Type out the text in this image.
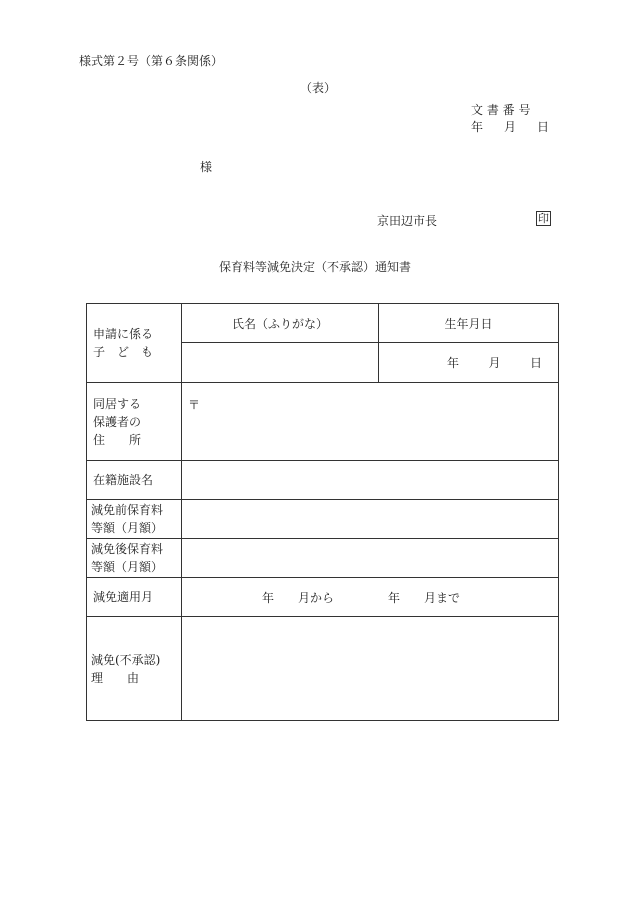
様式第２号（第６条関係）
（表）
文 書 番 号
年 月 日
様
京田辺市長	印
保育料等減免決定（不承認）通知書
申請に係る
子　ど　も	氏名（ふりがな）	生年月日

		年 月 日

同居する
保護者の
住　　所	〒	

在籍施設名		

減免前保育料
等額（月額）		

減免後保育料
等額（月額）		

減免適用月	年 月から 年 月まで	

減免(不承認)
理　　由		
